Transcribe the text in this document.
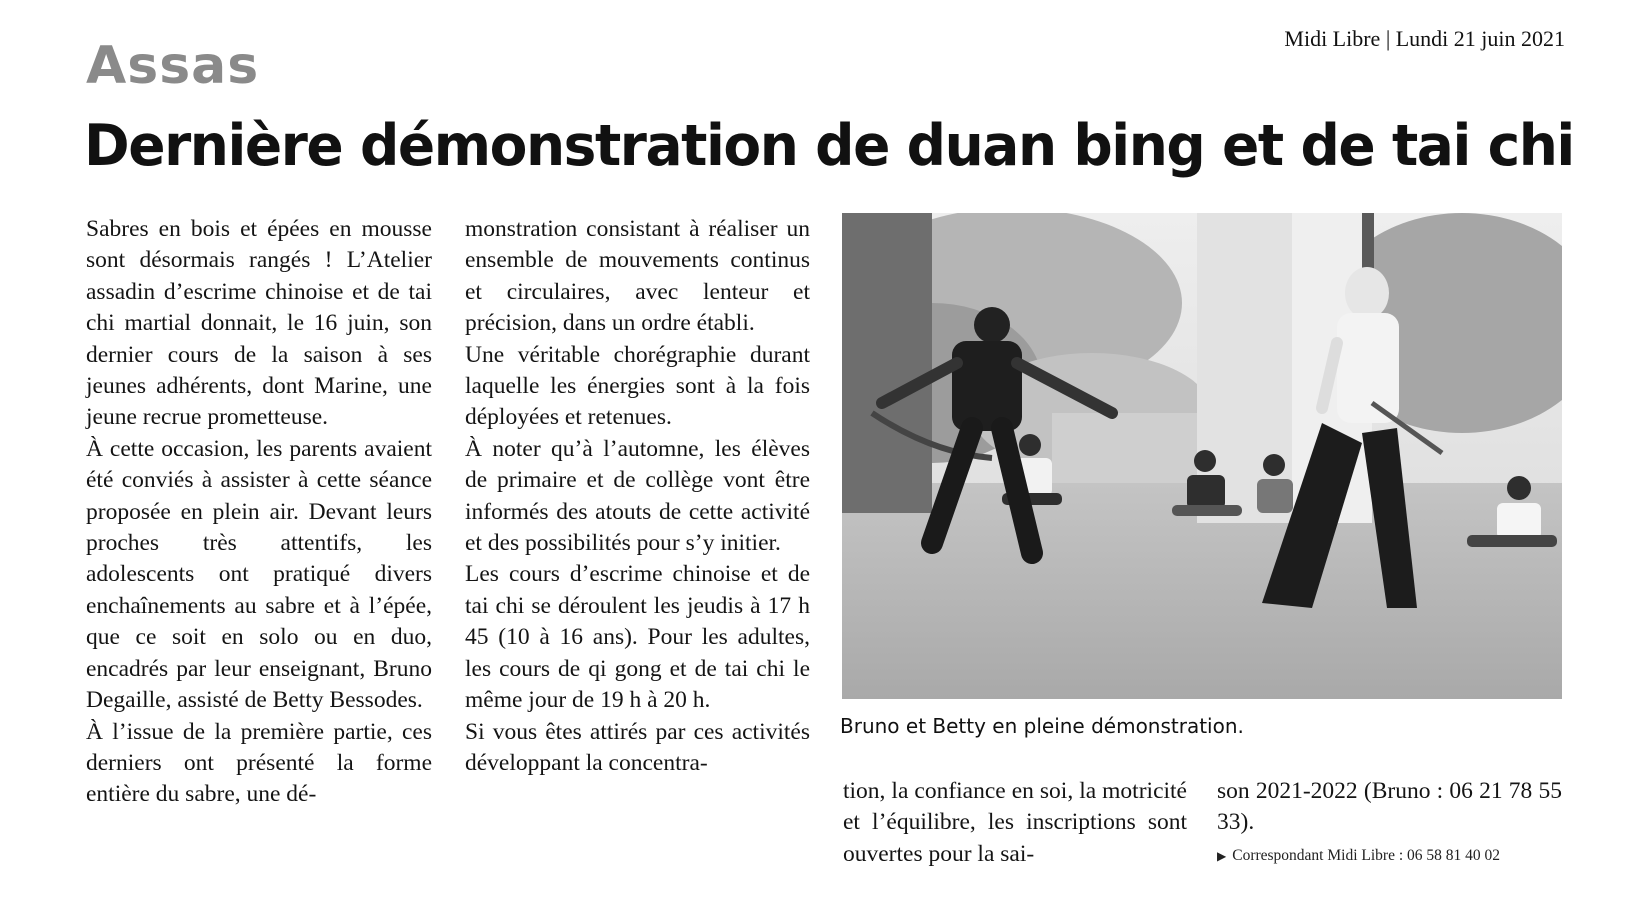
Midi Libre | Lundi 21 juin 2021
Assas
Dernière démonstration de duan bing et de tai chi

Sabres en bois et épées en mousse sont désormais rangés ! L’Atelier assadin d’escrime chinoise et de tai chi martial donnait, le 16 juin, son dernier cours de la saison à ses jeunes adhérents, dont Marine, une jeune recrue prometteuse.

À cette occasion, les parents avaient été conviés à assister à cette séance proposée en plein air. Devant leurs proches très attentifs, les adolescents ont pratiqué divers enchaînements au sabre et à l’épée, que ce soit en solo ou en duo, encadrés par leur enseignant, Bruno Degaille, assisté de Betty Bessodes.

À l’issue de la première partie, ces derniers ont présenté la forme entière du sabre, une dé-

monstration consistant à réaliser un ensemble de mouvements continus et circulaires, avec lenteur et précision, dans un ordre établi.

Une véritable chorégraphie durant laquelle les énergies sont à la fois déployées et retenues.

À noter qu’à l’automne, les élèves de primaire et de collège vont être informés des atouts de cette activité et des possibilités pour s’y initier.

Les cours d’escrime chinoise et de tai chi se déroulent les jeudis à 17 h 45 (10 à 16 ans). Pour les adultes, les cours de qi gong et de tai chi le même jour de 19 h à 20 h.

Si vous êtes attirés par ces activités développant la concentra-

Bruno et Betty en pleine démonstration.

tion, la confiance en soi, la motricité et l’équilibre, les inscriptions sont ouvertes pour la sai-

son 2021-2022 (Bruno : 06 21 78 55 33).

▶ Correspondant Midi Libre : 06 58 81 40 02
